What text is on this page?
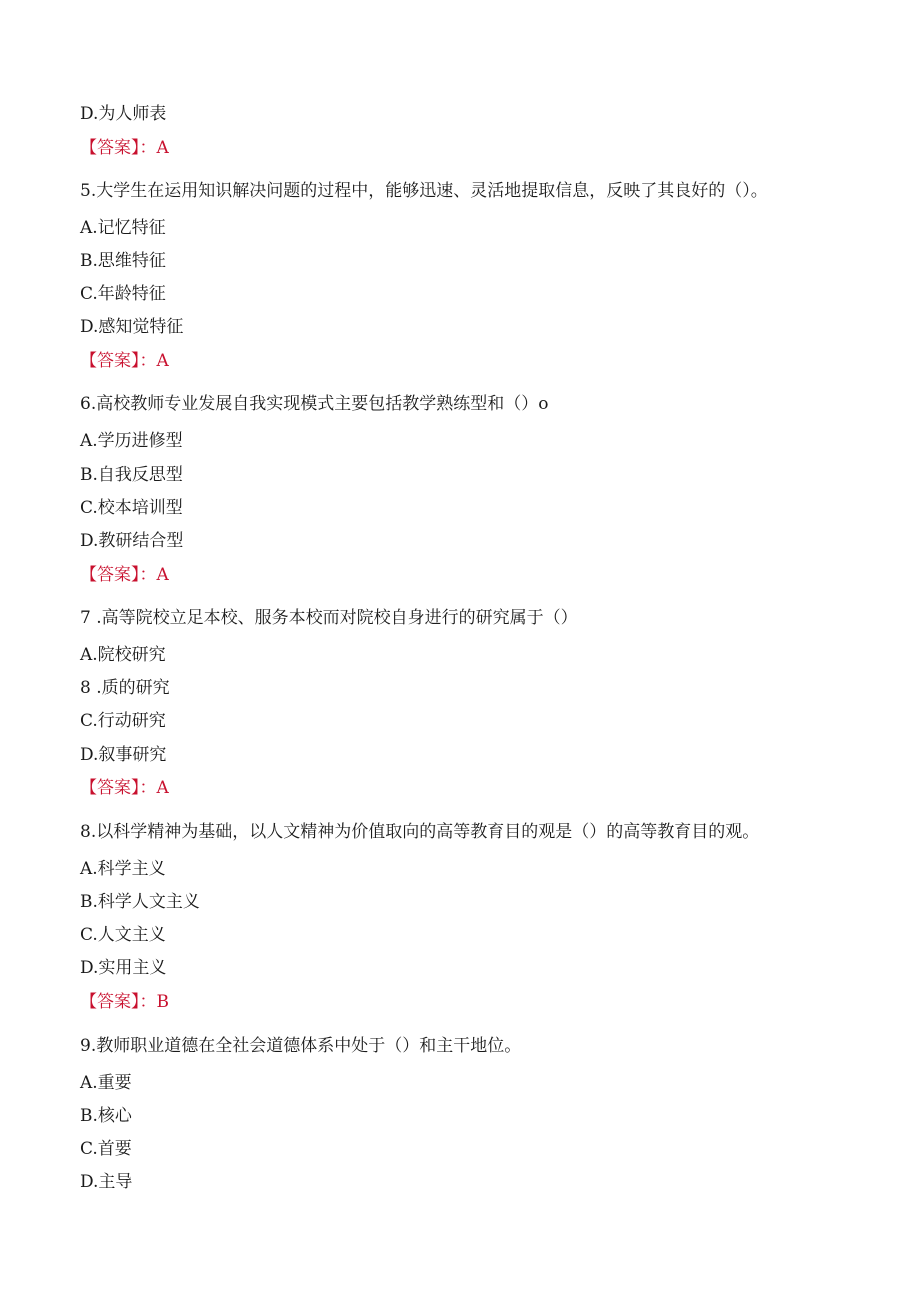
D.为人师表
【答案】：A
5.大学生在运用知识解决问题的过程中，能够迅速、灵活地提取信息，反映了其良好的（）。
A.记忆特征
B.思维特征
C.年龄特征
D.感知觉特征
【答案】：A
6.高校教师专业发展自我实现模式主要包括教学熟练型和（）o
A.学历进修型
B.自我反思型
C.校本培训型
D.教研结合型
【答案】：A
7 .高等院校立足本校、服务本校而对院校自身进行的研究属于（）
A.院校研究
8 .质的研究
C.行动研究
D.叙事研究
【答案】：A
8.以科学精神为基础，以人文精神为价值取向的高等教育目的观是（）的高等教育目的观。
A.科学主义
B.科学人文主义
C.人文主义
D.实用主义
【答案】：B
9.教师职业道德在全社会道德体系中处于（）和主干地位。
A.重要
B.核心
C.首要
D.主导
